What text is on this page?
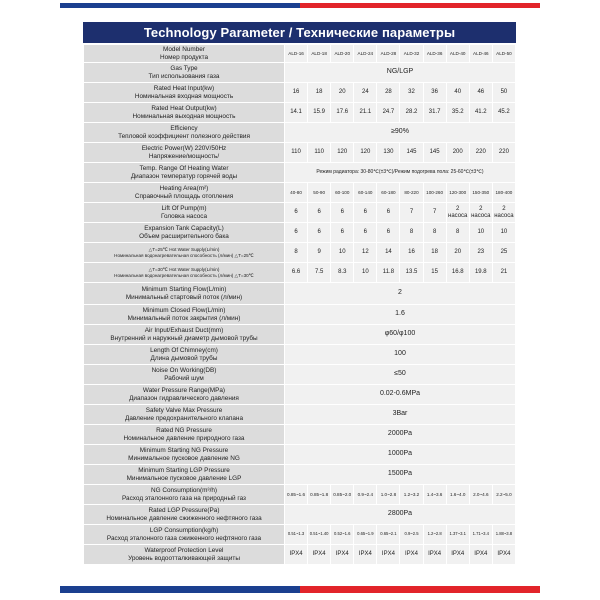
Technology Parameter / Технические параметры
Model Number
Номер продукта	ALD-16	ALD-18	ALD-20	ALD-24	ALD-28	ALD-32	ALD-36	ALD-40	ALD-46	ALD-50

Gas Type
Тип использования газа	NG/LGP									

Rated Heat Input(kw)
Номинальная входная мощность	16	18	20	24	28	32	36	40	46	50

Rated Heat Output(kw)
Номинальная выходная мощность	14.1	15.9	17.6	21.1	24.7	28.2	31.7	35.2	41.2	45.2

Efficiency
Тепловой коэффициент полезного действия	≥90%									

Electric Power(W) 220V/50Hz
Напряжение/мощность/	110	110	120	120	130	145	145	200	220	220

Temp. Range Of Heating Water
Диапазон температур горячей воды	Режим радиатора: 30-80℃(±3℃)/Режим подогрева пола: 25-60℃(±3℃)									

Heating Area(m²)
Справочный площадь отопления	40-80	50-90	60-100	60-140	60-180	80-220	100-260	120-300	150-350	180-400

Lift Of Pump(m)
Головка насоса	6	6	6	6	6	7	7	2 насоса	2 насоса	2 насоса

Expansion Tank Capacity(L)
Объем расширительного бака	6	6	6	6	6	8	8	8	10	10

△T=25℃ Hot Water Supply(L/min)
Номинальная водонагревательная способность (л/мин) △T=25℃	8	9	10	12	14	16	18	20	23	25

△T=30℃ Hot Water Supply(L/min)
Номинальная водонагревательная способность (л/мин) △T=30℃	6.6	7.5	8.3	10	11.8	13.5	15	16.8	19.8	21

Minimum Starting Flow(L/min)
Минимальный стартовый поток (л/мин)	2									

Minimum Closed Flow(L/min)
Минимальный поток закрытия (л/мин)	1.6									

Air Input/Exhaust Duct(mm)
Внутренний и наружный диаметр дымовой трубы	φ60/φ100									

Length Of Chimney(cm)
Длина дымовой трубы	100									

Noise On Working(DB)
Рабочий шум	≤50									

Water Pressure Range(MPa)
Диапазон гидравлического давления	0.02-0.6MPa									

Safety Valve Max Pressure
Давление предохранительного клапана	3Bar									

Rated NG Pressure
Номинальное давление природного газа	2000Pa									

Minimum Starting NG Pressure
Минимальное пусковое давление NG	1000Pa									

Minimum Starting LGP Pressure
Минимальное пусковое давление LGP	1500Pa									

NG Consumption(m³/h)
Расход эталонного газа на природный газ	0.85~1.6	0.85~1.8	0.85~2.0	0.9~2.4	1.0~2.8	1.2~3.2	1.4~3.6	1.6~4.0	2.0~4.6	2.2~5.0

Rated LGP Pressure(Pa)
Номинальное давление сжиженного нефтяного газа	2800Pa									

LGP Consumption(kg/h)
Расход эталонного газа сжиженного нефтяного газа	0.51~1.3	0.51~1.40	0.52~1.6	0.65~1.9	0.65~2.1	0.9~2.5	1.2~2.8	1.37~3.1	1.71~3.4	1.88~3.8

Waterproof Protection Level
Уровень водоотталкивающей защиты	IPX4	IPX4	IPX4	IPX4	IPX4	IPX4	IPX4	IPX4	IPX4	IPX4
